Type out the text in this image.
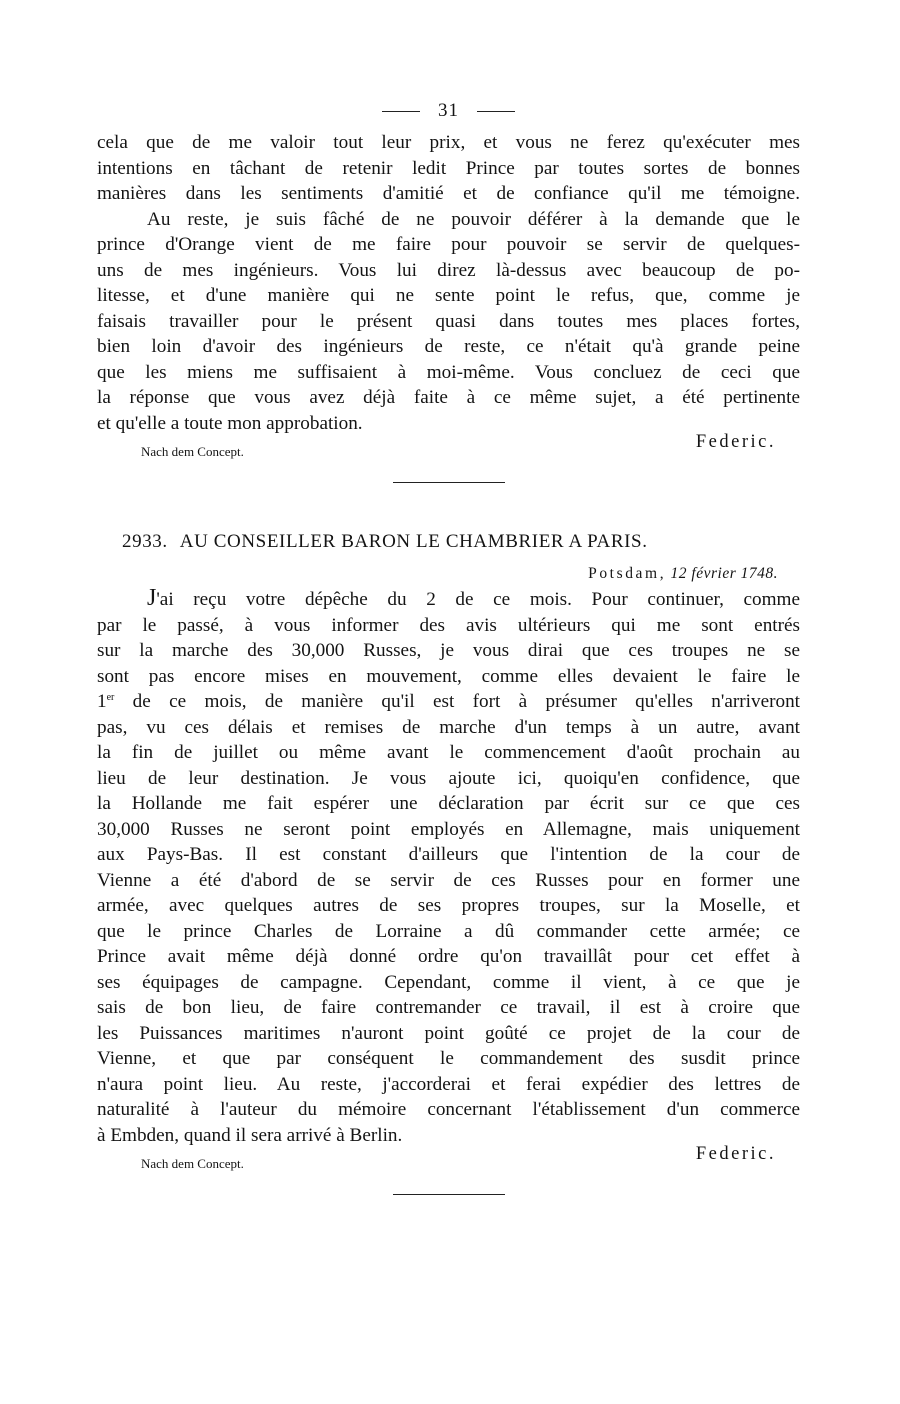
31
cela que de me valoir tout leur prix, et vous ne ferez qu'exécuter mes
intentions en tâchant de retenir ledit Prince par toutes sortes de bonnes
manières dans les sentiments d'amitié et de confiance qu'il me témoigne.
Au reste, je suis fâché de ne pouvoir déférer à la demande que le
prince d'Orange vient de me faire pour pouvoir se servir de quelques-
uns de mes ingénieurs. Vous lui direz là-dessus avec beaucoup de po-
litesse, et d'une manière qui ne sente point le refus, que, comme je
faisais travailler pour le présent quasi dans toutes mes places fortes,
bien loin d'avoir des ingénieurs de reste, ce n'était qu'à grande peine
que les miens me suffisaient à moi-même. Vous concluez de ceci que
la réponse que vous avez déjà faite à ce même sujet, a été pertinente
et qu'elle a toute mon approbation.
Federic.
Nach dem Concept.
2933. AU CONSEILLER BARON LE CHAMBRIER A PARIS.
Potsdam, 12 février 1748.
J'ai reçu votre dépêche du 2 de ce mois. Pour continuer, comme
par le passé, à vous informer des avis ultérieurs qui me sont entrés
sur la marche des 30,000 Russes, je vous dirai que ces troupes ne se
sont pas encore mises en mouvement, comme elles devaient le faire le
1er de ce mois, de manière qu'il est fort à présumer qu'elles n'arriveront
pas, vu ces délais et remises de marche d'un temps à un autre, avant
la fin de juillet ou même avant le commencement d'août prochain au
lieu de leur destination. Je vous ajoute ici, quoiqu'en confidence, que
la Hollande me fait espérer une déclaration par écrit sur ce que ces
30,000 Russes ne seront point employés en Allemagne, mais uniquement
aux Pays-Bas. Il est constant d'ailleurs que l'intention de la cour de
Vienne a été d'abord de se servir de ces Russes pour en former une
armée, avec quelques autres de ses propres troupes, sur la Moselle, et
que le prince Charles de Lorraine a dû commander cette armée; ce
Prince avait même déjà donné ordre qu'on travaillât pour cet effet à
ses équipages de campagne. Cependant, comme il vient, à ce que je
sais de bon lieu, de faire contremander ce travail, il est à croire que
les Puissances maritimes n'auront point goûté ce projet de la cour de
Vienne, et que par conséquent le commandement des susdit prince
n'aura point lieu. Au reste, j'accorderai et ferai expédier des lettres de
naturalité à l'auteur du mémoire concernant l'établissement d'un commerce
à Embden, quand il sera arrivé à Berlin.
Federic.
Nach dem Concept.
